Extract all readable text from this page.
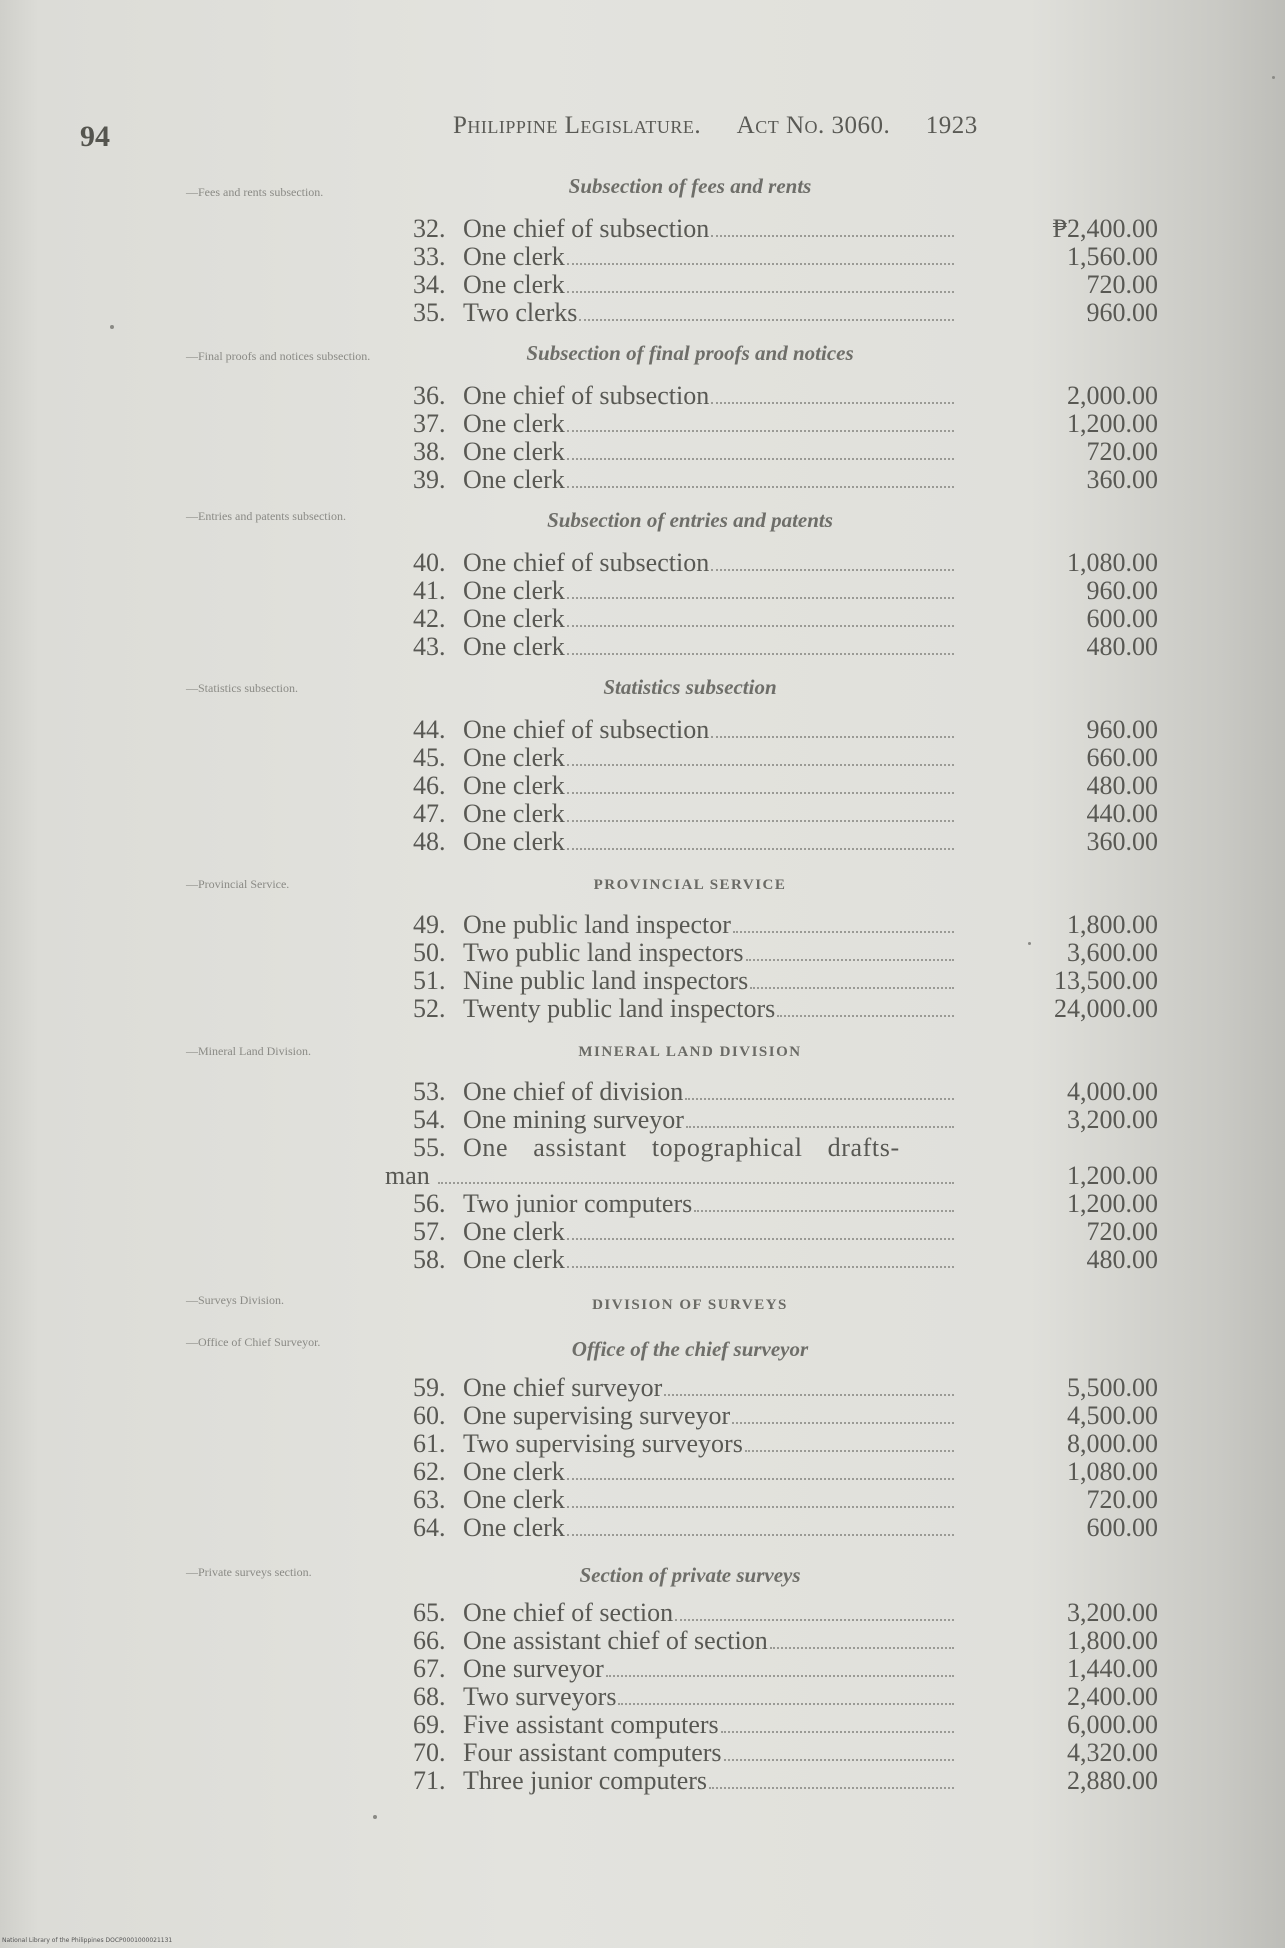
94	Philippine Legislature. Act No. 3060. 1923
—Fees and rents subsection.
—Final proofs and notices subsection.
—Entries and patents subsection.
—Statistics subsection.
—Provincial Service.
—Mineral Land Division.
—Surveys Division.
—Office of Chief Surveyor.
—Private surveys section.
Subsection of fees and rents
Subsection of final proofs and notices
Subsection of entries and patents
Statistics subsection
PROVINCIAL SERVICE
MINERAL LAND DIVISION
DIVISION OF SURVEYS
Office of the chief surveyor
Section of private surveys
32. One chief of subsection	₱2,400.00
33. One clerk	1,560.00
34. One clerk	720.00
35. Two clerks	960.00
36. One chief of subsection	2,000.00
37. One clerk	1,200.00
38. One clerk	720.00
39. One clerk	360.00
40. One chief of subsection	1,080.00
41. One clerk	960.00
42. One clerk	600.00
43. One clerk	480.00
44. One chief of subsection	960.00
45. One clerk	660.00
46. One clerk	480.00
47. One clerk	440.00
48. One clerk	360.00
49. One public land inspector	1,800.00
50. Two public land inspectors	3,600.00
51. Nine public land inspectors	13,500.00
52. Twenty public land inspectors	24,000.00
53. One chief of division	4,000.00
54. One mining surveyor	3,200.00
55. One assistant topographical drafts-
man	1,200.00
56. Two junior computers	1,200.00
57. One clerk	720.00
58. One clerk	480.00
59. One chief surveyor	5,500.00
60. One supervising surveyor	4,500.00
61. Two supervising surveyors	8,000.00
62. One clerk	1,080.00
63. One clerk	720.00
64. One clerk	600.00
65. One chief of section	3,200.00
66. One assistant chief of section	1,800.00
67. One surveyor	1,440.00
68. Two surveyors	2,400.00
69. Five assistant computers	6,000.00
70. Four assistant computers	4,320.00
71. Three junior computers	2,880.00
National Library of the Philippines DOCP0001000021131
